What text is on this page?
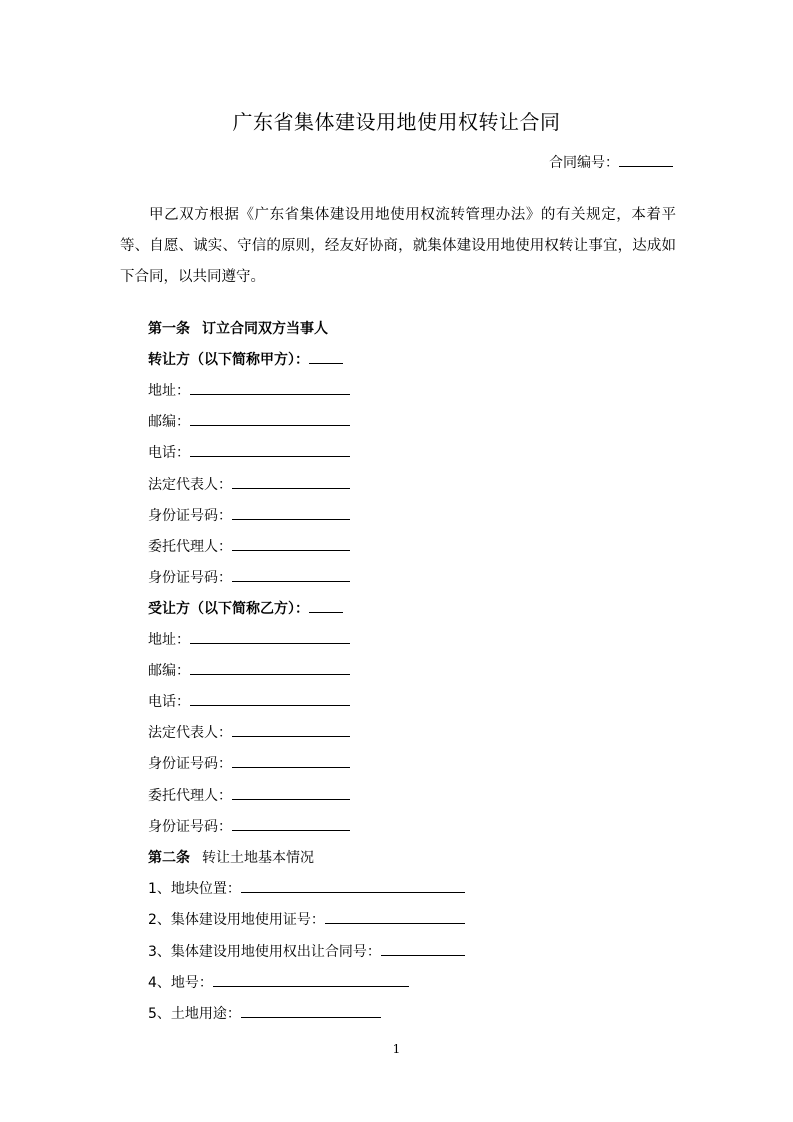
广东省集体建设用地使用权转让合同
合同编号：
甲乙双方根据《广东省集体建设用地使用权流转管理办法》的有关规定，本着平等、自愿、诚实、守信的原则，经友好协商，就集体建设用地使用权转让事宜，达成如下合同，以共同遵守。
第一条 订立合同双方当事人
转让方（以下简称甲方）：
地址：
邮编：
电话：
法定代表人：
身份证号码：
委托代理人：
身份证号码：
受让方（以下简称乙方）：
地址：
邮编：
电话：
法定代表人：
身份证号码：
委托代理人：
身份证号码：
第二条 转让土地基本情况
1、地块位置：
2、集体建设用地使用证号：
3、集体建设用地使用权出让合同号：
4、地号：
5、土地用途：
1
